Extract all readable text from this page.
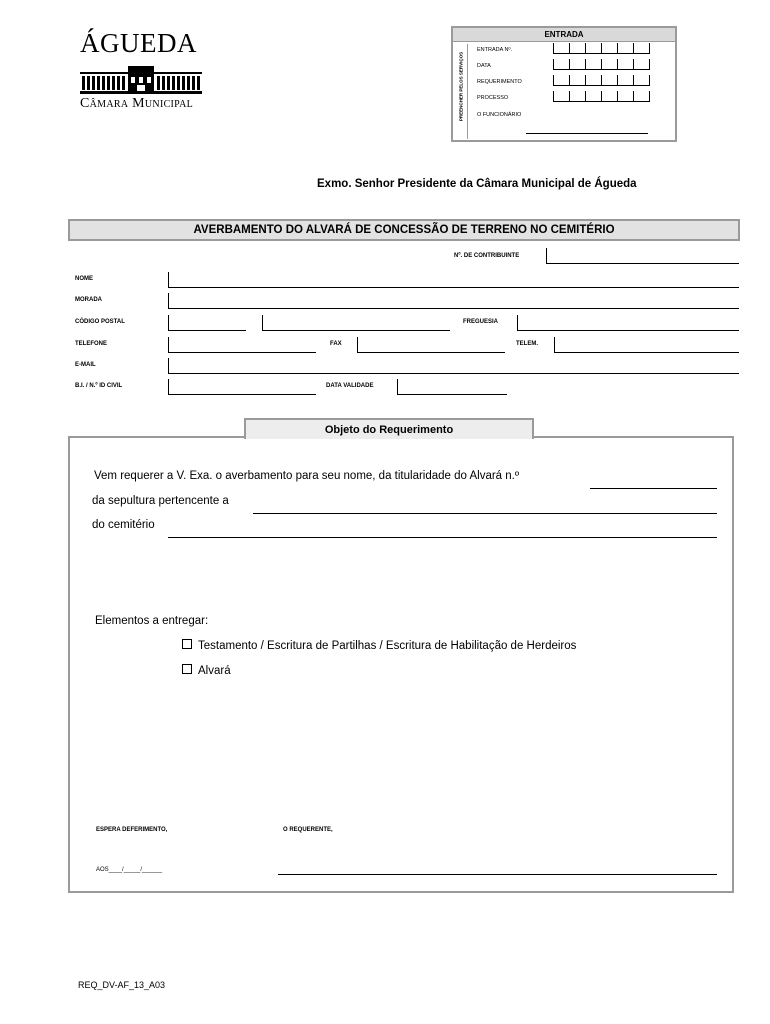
ÁGUEDA
Câmara Municipal
ENTRADA
PREENCHER PELOS SERVIÇOS
ENTRADA Nº.
DATA
REQUERIMENTO
PROCESSO
O FUNCIONÁRIO
Exmo. Senhor Presidente da Câmara Municipal de Águeda
AVERBAMENTO DO ALVARÁ DE CONCESSÃO DE TERRENO NO CEMITÉRIO
Nº. DE CONTRIBUINTE
NOME
MORADA
CÓDIGO POSTAL	FREGUESIA
TELEFONE	FAX	TELEM.
E-MAIL
B.I. / N.º ID CIVIL	DATA VALIDADE
Objeto do Requerimento
Vem requerer a V. Exa. o averbamento para seu nome, da titularidade do Alvará n.º
da sepultura pertencente a
do cemitério
Elementos a entregar:
Testamento / Escritura de Partilhas / Escritura de Habilitação de Herdeiros
Alvará
ESPERA DEFERIMENTO,	O REQUERENTE,
AOS____/_____/______
REQ_DV-AF_13_A03
